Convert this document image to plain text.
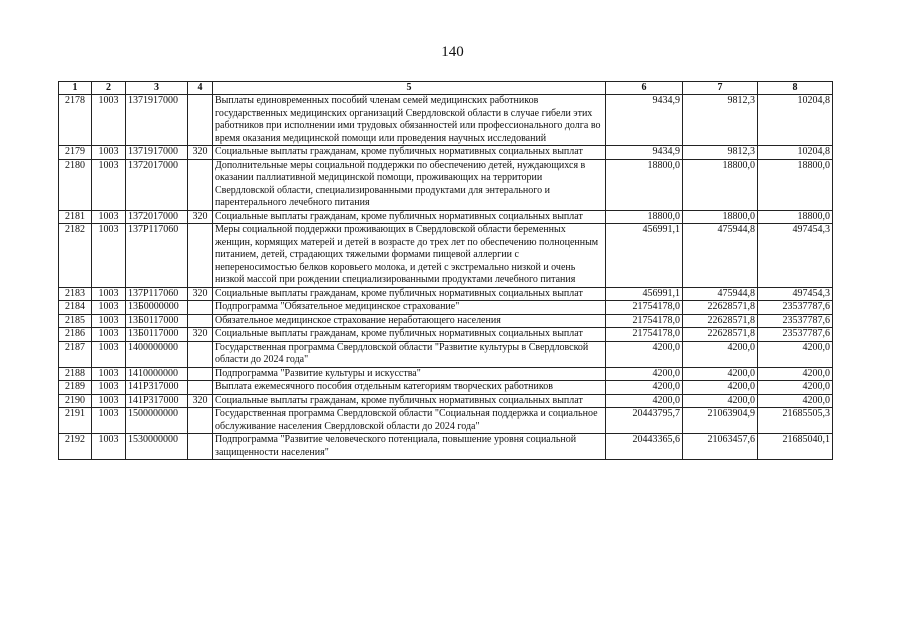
140
1	2	3	4	5	6	7	8
2178	1003	1371917000		Выплаты единовременных пособий членам семей медицинских работников государственных медицинских организаций Свердловской области в случае гибели этих работников при исполнении ими трудовых обязанностей или профессионального долга во время оказания медицинской помощи или проведения научных исследований	9434,9	9812,3	10204,8
2179	1003	1371917000	320	Социальные выплаты гражданам, кроме публичных нормативных социальных выплат	9434,9	9812,3	10204,8
2180	1003	1372017000		Дополнительные меры социальной поддержки по обеспечению детей, нуждающихся в оказании паллиативной медицинской помощи, проживающих на территории Свердловской области, специализированными продуктами для энтерального и парентерального лечебного питания	18800,0	18800,0	18800,0
2181	1003	1372017000	320	Социальные выплаты гражданам, кроме публичных нормативных социальных выплат	18800,0	18800,0	18800,0
2182	1003	137P117060		Меры социальной поддержки проживающих в Свердловской области беременных женщин, кормящих матерей и детей в возрасте до трех лет по обеспечению полноценным питанием, детей, страдающих тяжелыми формами пищевой аллергии с непереносимостью белков коровьего молока, и детей с экстремально низкой и очень низкой массой при рождении специализированными продуктами лечебного питания	456991,1	475944,8	497454,3
2183	1003	137P117060	320	Социальные выплаты гражданам, кроме публичных нормативных социальных выплат	456991,1	475944,8	497454,3
2184	1003	13Б0000000		Подпрограмма "Обязательное медицинское страхование"	21754178,0	22628571,8	23537787,6
2185	1003	13Б0117000		Обязательное медицинское страхование неработающего населения	21754178,0	22628571,8	23537787,6
2186	1003	13Б0117000	320	Социальные выплаты гражданам, кроме публичных нормативных социальных выплат	21754178,0	22628571,8	23537787,6
2187	1003	1400000000		Государственная программа Свердловской области "Развитие культуры в Свердловской области до 2024 года"	4200,0	4200,0	4200,0
2188	1003	1410000000		Подпрограмма "Развитие культуры и искусства"	4200,0	4200,0	4200,0
2189	1003	141P317000		Выплата ежемесячного пособия отдельным категориям творческих работников	4200,0	4200,0	4200,0
2190	1003	141P317000	320	Социальные выплаты гражданам, кроме публичных нормативных социальных выплат	4200,0	4200,0	4200,0
2191	1003	1500000000		Государственная программа Свердловской области "Социальная поддержка и социальное обслуживание населения Свердловской области до 2024 года"	20443795,7	21063904,9	21685505,3
2192	1003	1530000000		Подпрограмма "Развитие человеческого потенциала, повышение уровня социальной защищенности населения"	20443365,6	21063457,6	21685040,1
